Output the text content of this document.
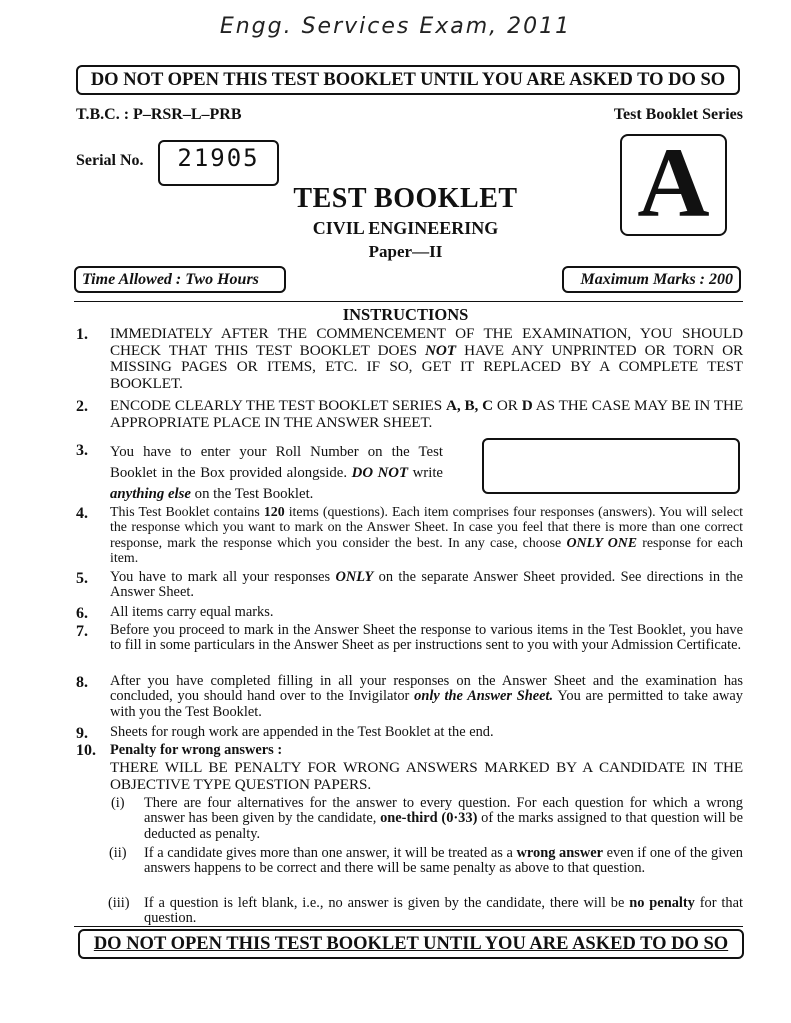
Engg. Services Exam, 2011
DO NOT OPEN THIS TEST BOOKLET UNTIL YOU ARE ASKED TO DO SO
T.B.C. : P–RSR–L–PRB	Test Booklet Series
Serial No.	21905	A
TEST BOOKLET
CIVIL ENGINEERING
Paper—II
Time Allowed : Two Hours	Maximum Marks : 200
INSTRUCTIONS
1. IMMEDIATELY AFTER THE COMMENCEMENT OF THE EXAMINATION, YOU SHOULD CHECK THAT THIS TEST BOOKLET DOES NOT HAVE ANY UNPRINTED OR TORN OR MISSING PAGES OR ITEMS, ETC. IF SO, GET IT REPLACED BY A COMPLETE TEST BOOKLET.
2. ENCODE CLEARLY THE TEST BOOKLET SERIES A, B, C OR D AS THE CASE MAY BE IN THE APPROPRIATE PLACE IN THE ANSWER SHEET.
3. You have to enter your Roll Number on the Test Booklet in the Box provided alongside. DO NOT write anything else on the Test Booklet.
4. This Test Booklet contains 120 items (questions). Each item comprises four responses (answers). You will select the response which you want to mark on the Answer Sheet. In case you feel that there is more than one correct response, mark the response which you consider the best. In any case, choose ONLY ONE response for each item.
5. You have to mark all your responses ONLY on the separate Answer Sheet provided. See directions in the Answer Sheet.
6. All items carry equal marks.
7. Before you proceed to mark in the Answer Sheet the response to various items in the Test Booklet, you have to fill in some particulars in the Answer Sheet as per instructions sent to you with your Admission Certificate.
8. After you have completed filling in all your responses on the Answer Sheet and the examination has concluded, you should hand over to the Invigilator only the Answer Sheet. You are permitted to take away with you the Test Booklet.
9. Sheets for rough work are appended in the Test Booklet at the end.
10. Penalty for wrong answers :
THERE WILL BE PENALTY FOR WRONG ANSWERS MARKED BY A CANDIDATE IN THE OBJECTIVE TYPE QUESTION PAPERS.
(i) There are four alternatives for the answer to every question. For each question for which a wrong answer has been given by the candidate, one-third (0·33) of the marks assigned to that question will be deducted as penalty.
(ii) If a candidate gives more than one answer, it will be treated as a wrong answer even if one of the given answers happens to be correct and there will be same penalty as above to that question.
(iii) If a question is left blank, i.e., no answer is given by the candidate, there will be no penalty for that question.
DO NOT OPEN THIS TEST BOOKLET UNTIL YOU ARE ASKED TO DO SO
